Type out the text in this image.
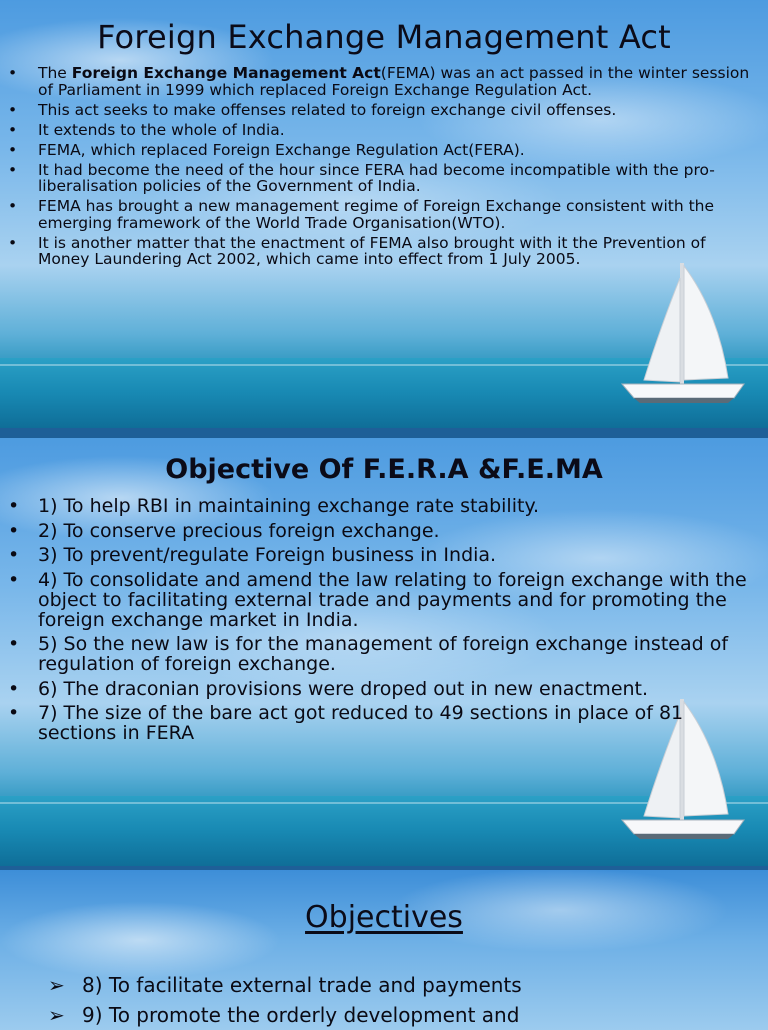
Foreign Exchange Management Act
• The Foreign Exchange Management Act(FEMA) was an act passed in the winter session of Parliament in 1999 which replaced Foreign Exchange Regulation Act.
• This act seeks to make offenses related to foreign exchange civil offenses.
• It extends to the whole of India.
• FEMA, which replaced Foreign Exchange Regulation Act(FERA).
• It had become the need of the hour since FERA had become incompatible with the pro-liberalisation policies of the Government of India.
• FEMA has brought a new management regime of Foreign Exchange consistent with the emerging framework of the World Trade Organisation(WTO).
• It is another matter that the enactment of FEMA also brought with it the Prevention of Money Laundering Act 2002, which came into effect from 1 July 2005.
Objective Of F.E.R.A &F.E.MA
• 1) To help RBI in maintaining exchange rate stability.
• 2) To conserve precious foreign exchange.
• 3) To prevent/regulate Foreign business in India.
• 4) To consolidate and amend the law relating to foreign exchange with the object to facilitating external trade and payments and for promoting the foreign exchange market in India.
• 5) So the new law is for the management of foreign exchange instead of regulation of foreign exchange.
• 6) The draconian provisions were droped out in new enactment.
• 7) The size of the bare act got reduced to 49 sections in place of 81 sections in FERA
Objectives
➢ 8) To facilitate external trade and payments
➢ 9) To promote the orderly development and
